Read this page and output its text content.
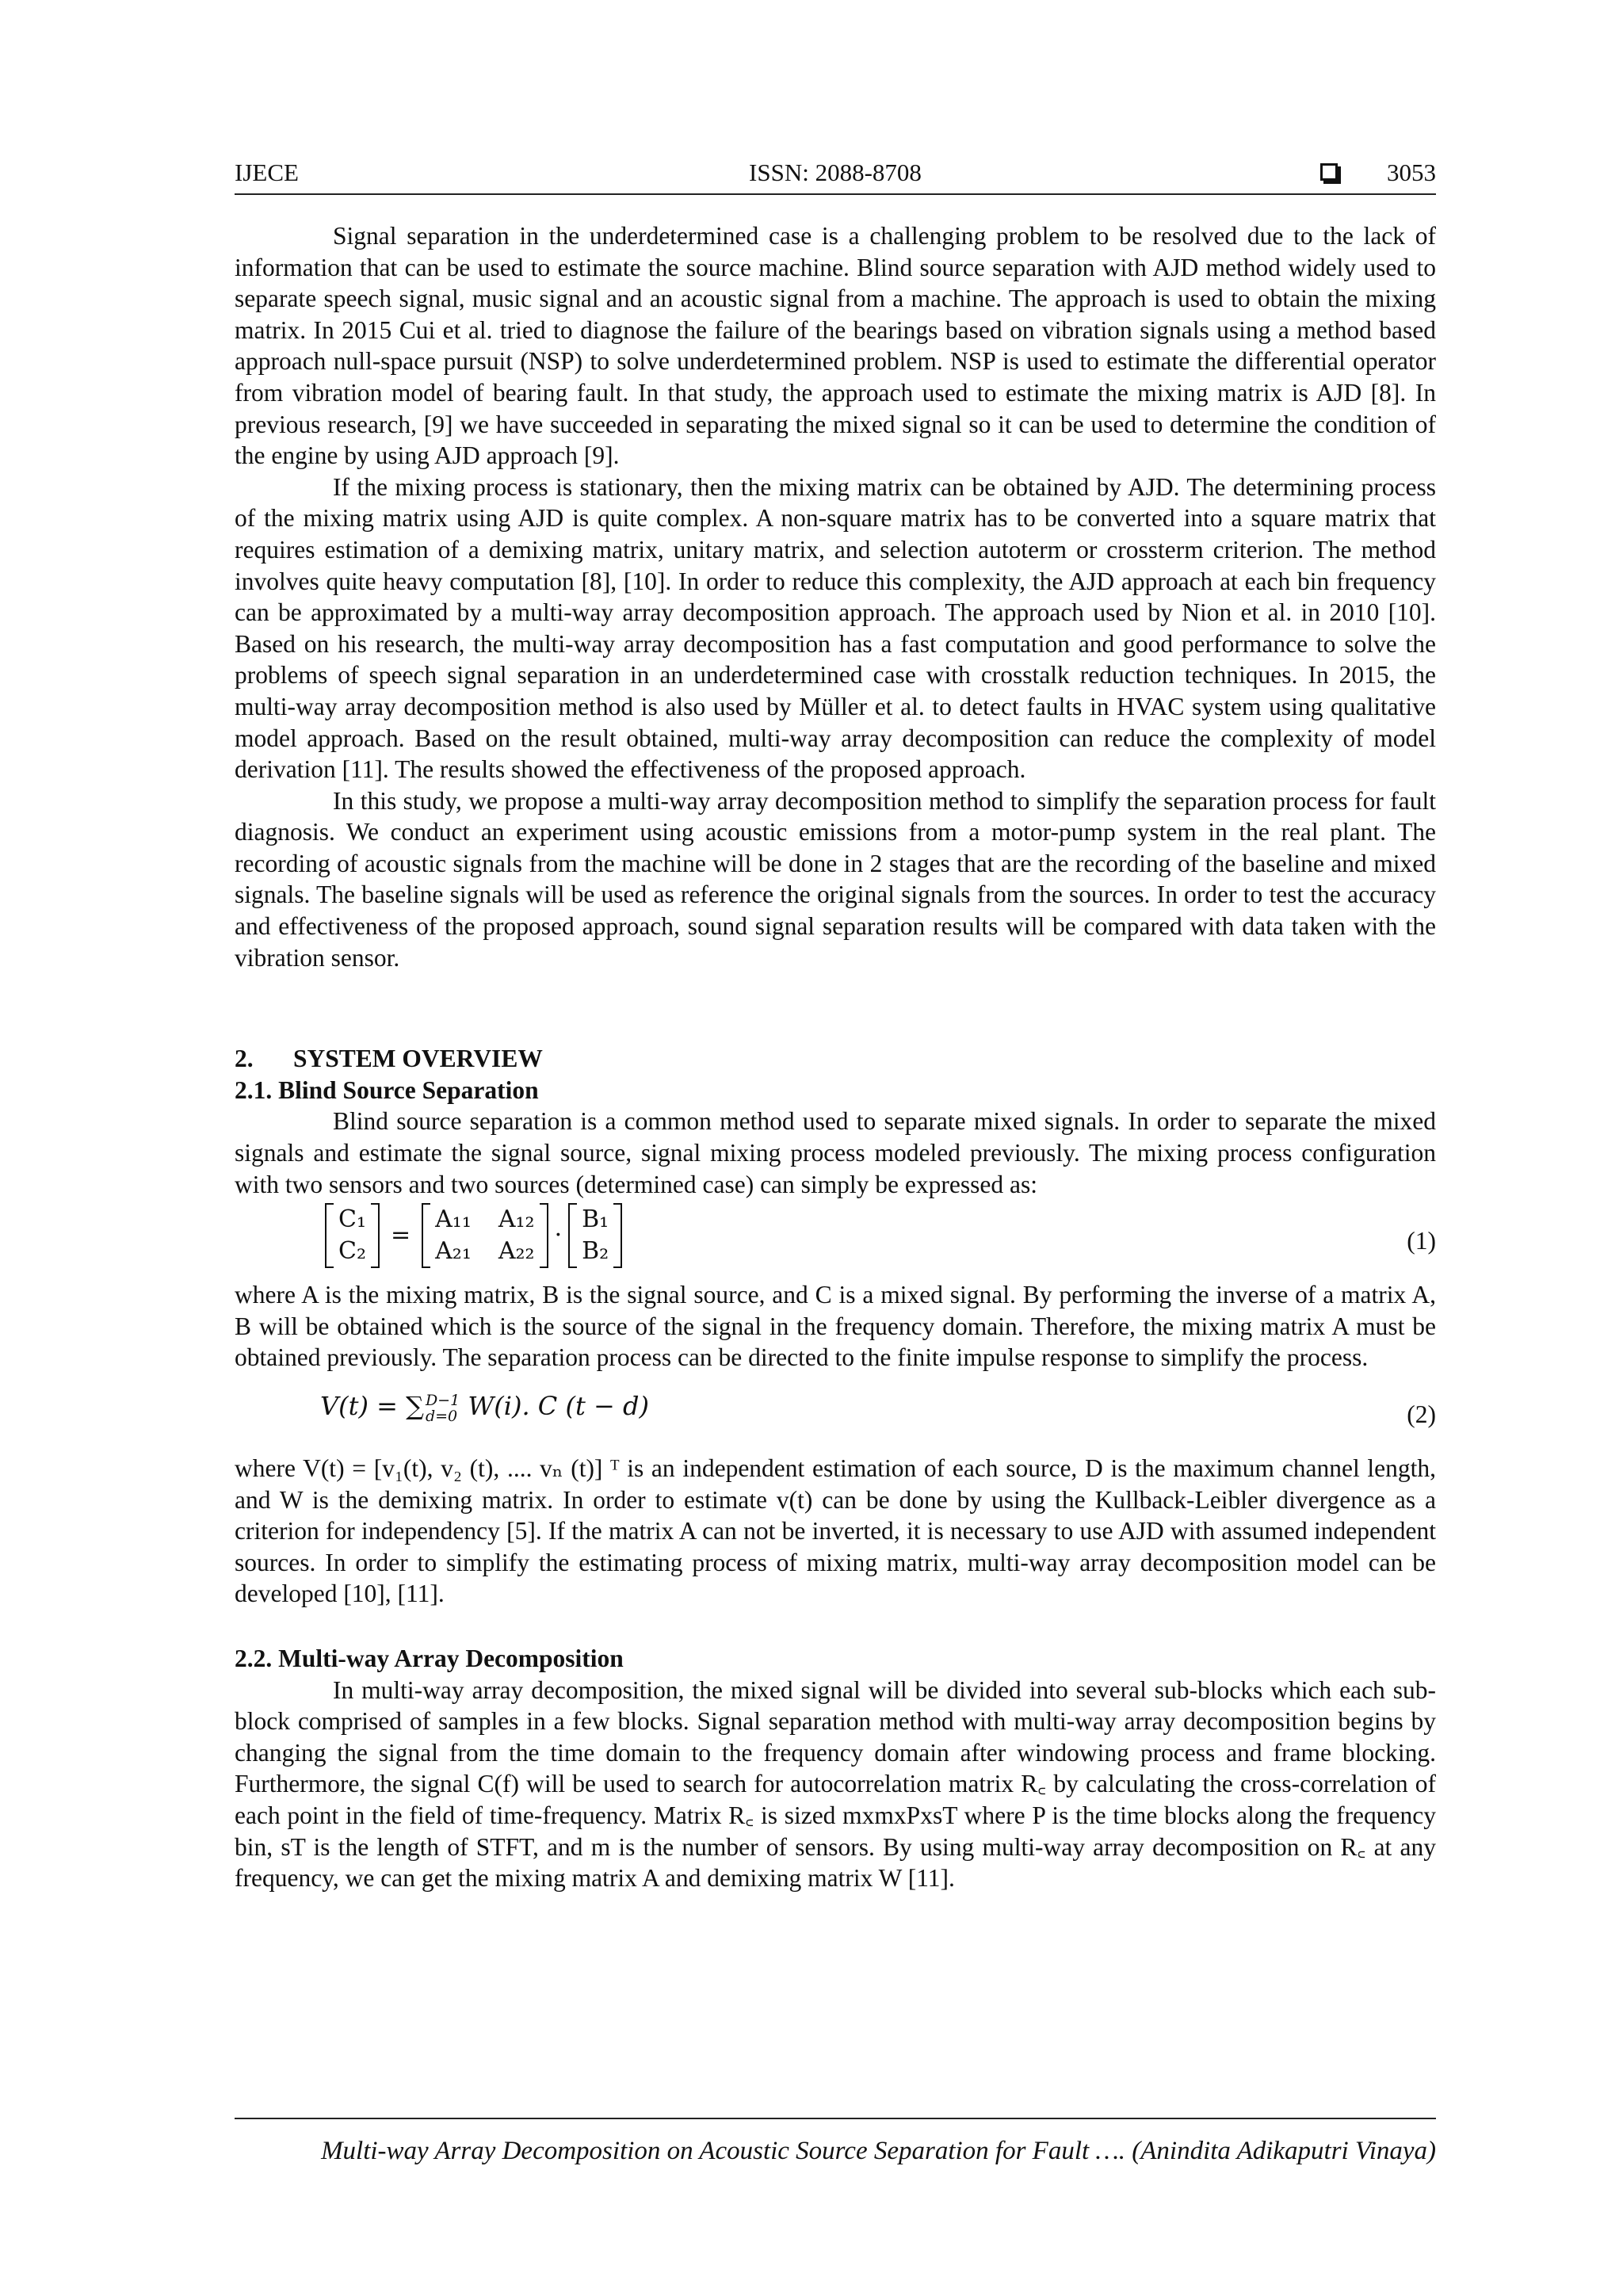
IJECE	ISSN: 2088-8708	3053

Signal separation in the underdetermined case is a challenging problem to be resolved due to the lack of information that can be used to estimate the source machine. Blind source separation with AJD method widely used to separate speech signal, music signal and an acoustic signal from a machine. The approach is used to obtain the mixing matrix. In 2015 Cui et al. tried to diagnose the failure of the bearings based on vibration signals using a method based approach null-space pursuit (NSP) to solve underdetermined problem. NSP is used to estimate the differential operator from vibration model of bearing fault. In that study, the approach used to estimate the mixing matrix is AJD [8]. In previous research, [9] we have succeeded in separating the mixed signal so it can be used to determine the condition of the engine by using AJD approach [9].

If the mixing process is stationary, then the mixing matrix can be obtained by AJD. The determining process of the mixing matrix using AJD is quite complex. A non-square matrix has to be converted into a square matrix that requires estimation of a demixing matrix, unitary matrix, and selection autoterm or crossterm criterion. The method involves quite heavy computation [8], [10]. In order to reduce this complexity, the AJD approach at each bin frequency can be approximated by a multi-way array decomposition approach. The approach used by Nion et al. in 2010 [10]. Based on his research, the multi-way array decomposition has a fast computation and good performance to solve the problems of speech signal separation in an underdetermined case with crosstalk reduction techniques. In 2015, the multi-way array decomposition method is also used by Müller et al. to detect faults in HVAC system using qualitative model approach. Based on the result obtained, multi-way array decomposition can reduce the complexity of model derivation [11]. The results showed the effectiveness of the proposed approach.

In this study, we propose a multi-way array decomposition method to simplify the separation process for fault diagnosis. We conduct an experiment using acoustic emissions from a motor-pump system in the real plant. The recording of acoustic signals from the machine will be done in 2 stages that are the recording of the baseline and mixed signals. The baseline signals will be used as reference the original signals from the sources. In order to test the accuracy and effectiveness of the proposed approach, sound signal separation results will be compared with data taken with the vibration sensor.

2. SYSTEM OVERVIEW
2.1. Blind Source Separation

Blind source separation is a common method used to separate mixed signals. In order to separate the mixed signals and estimate the signal source, signal mixing process modeled previously. The mixing process configuration with two sensors and two sources (determined case) can simply be expressed as:

C₁
C₂
=
A₁₁ A₁₂
A₂₁ A₂₂
·
B₁
B₂	(1)

where A is the mixing matrix, B is the signal source, and C is a mixed signal. By performing the inverse of a matrix A, B will be obtained which is the source of the signal in the frequency domain. Therefore, the mixing matrix A must be obtained previously. The separation process can be directed to the finite impulse response to simplify the process.

V(t) = ∑ D−1
d=0 W(i). C (t − d)	(2)

where V(t) = [v₁(t), v₂ (t), .... vₙ (t)] ᵀ is an independent estimation of each source, D is the maximum channel length, and W is the demixing matrix. In order to estimate v(t) can be done by using the Kullback-Leibler divergence as a criterion for independency [5]. If the matrix A can not be inverted, it is necessary to use AJD with assumed independent sources. In order to simplify the estimating process of mixing matrix, multi-way array decomposition model can be developed [10], [11].

2.2. Multi-way Array Decomposition

In multi-way array decomposition, the mixed signal will be divided into several sub-blocks which each sub-block comprised of samples in a few blocks. Signal separation method with multi-way array decomposition begins by changing the signal from the time domain to the frequency domain after windowing process and frame blocking. Furthermore, the signal C(f) will be used to search for autocorrelation matrix R꜀ by calculating the cross-correlation of each point in the field of time-frequency. Matrix R꜀ is sized mxmxPxsT where P is the time blocks along the frequency bin, sT is the length of STFT, and m is the number of sensors. By using multi-way array decomposition on R꜀ at any frequency, we can get the mixing matrix A and demixing matrix W [11].

Multi-way Array Decomposition on Acoustic Source Separation for Fault …. (Anindita Adikaputri Vinaya)
